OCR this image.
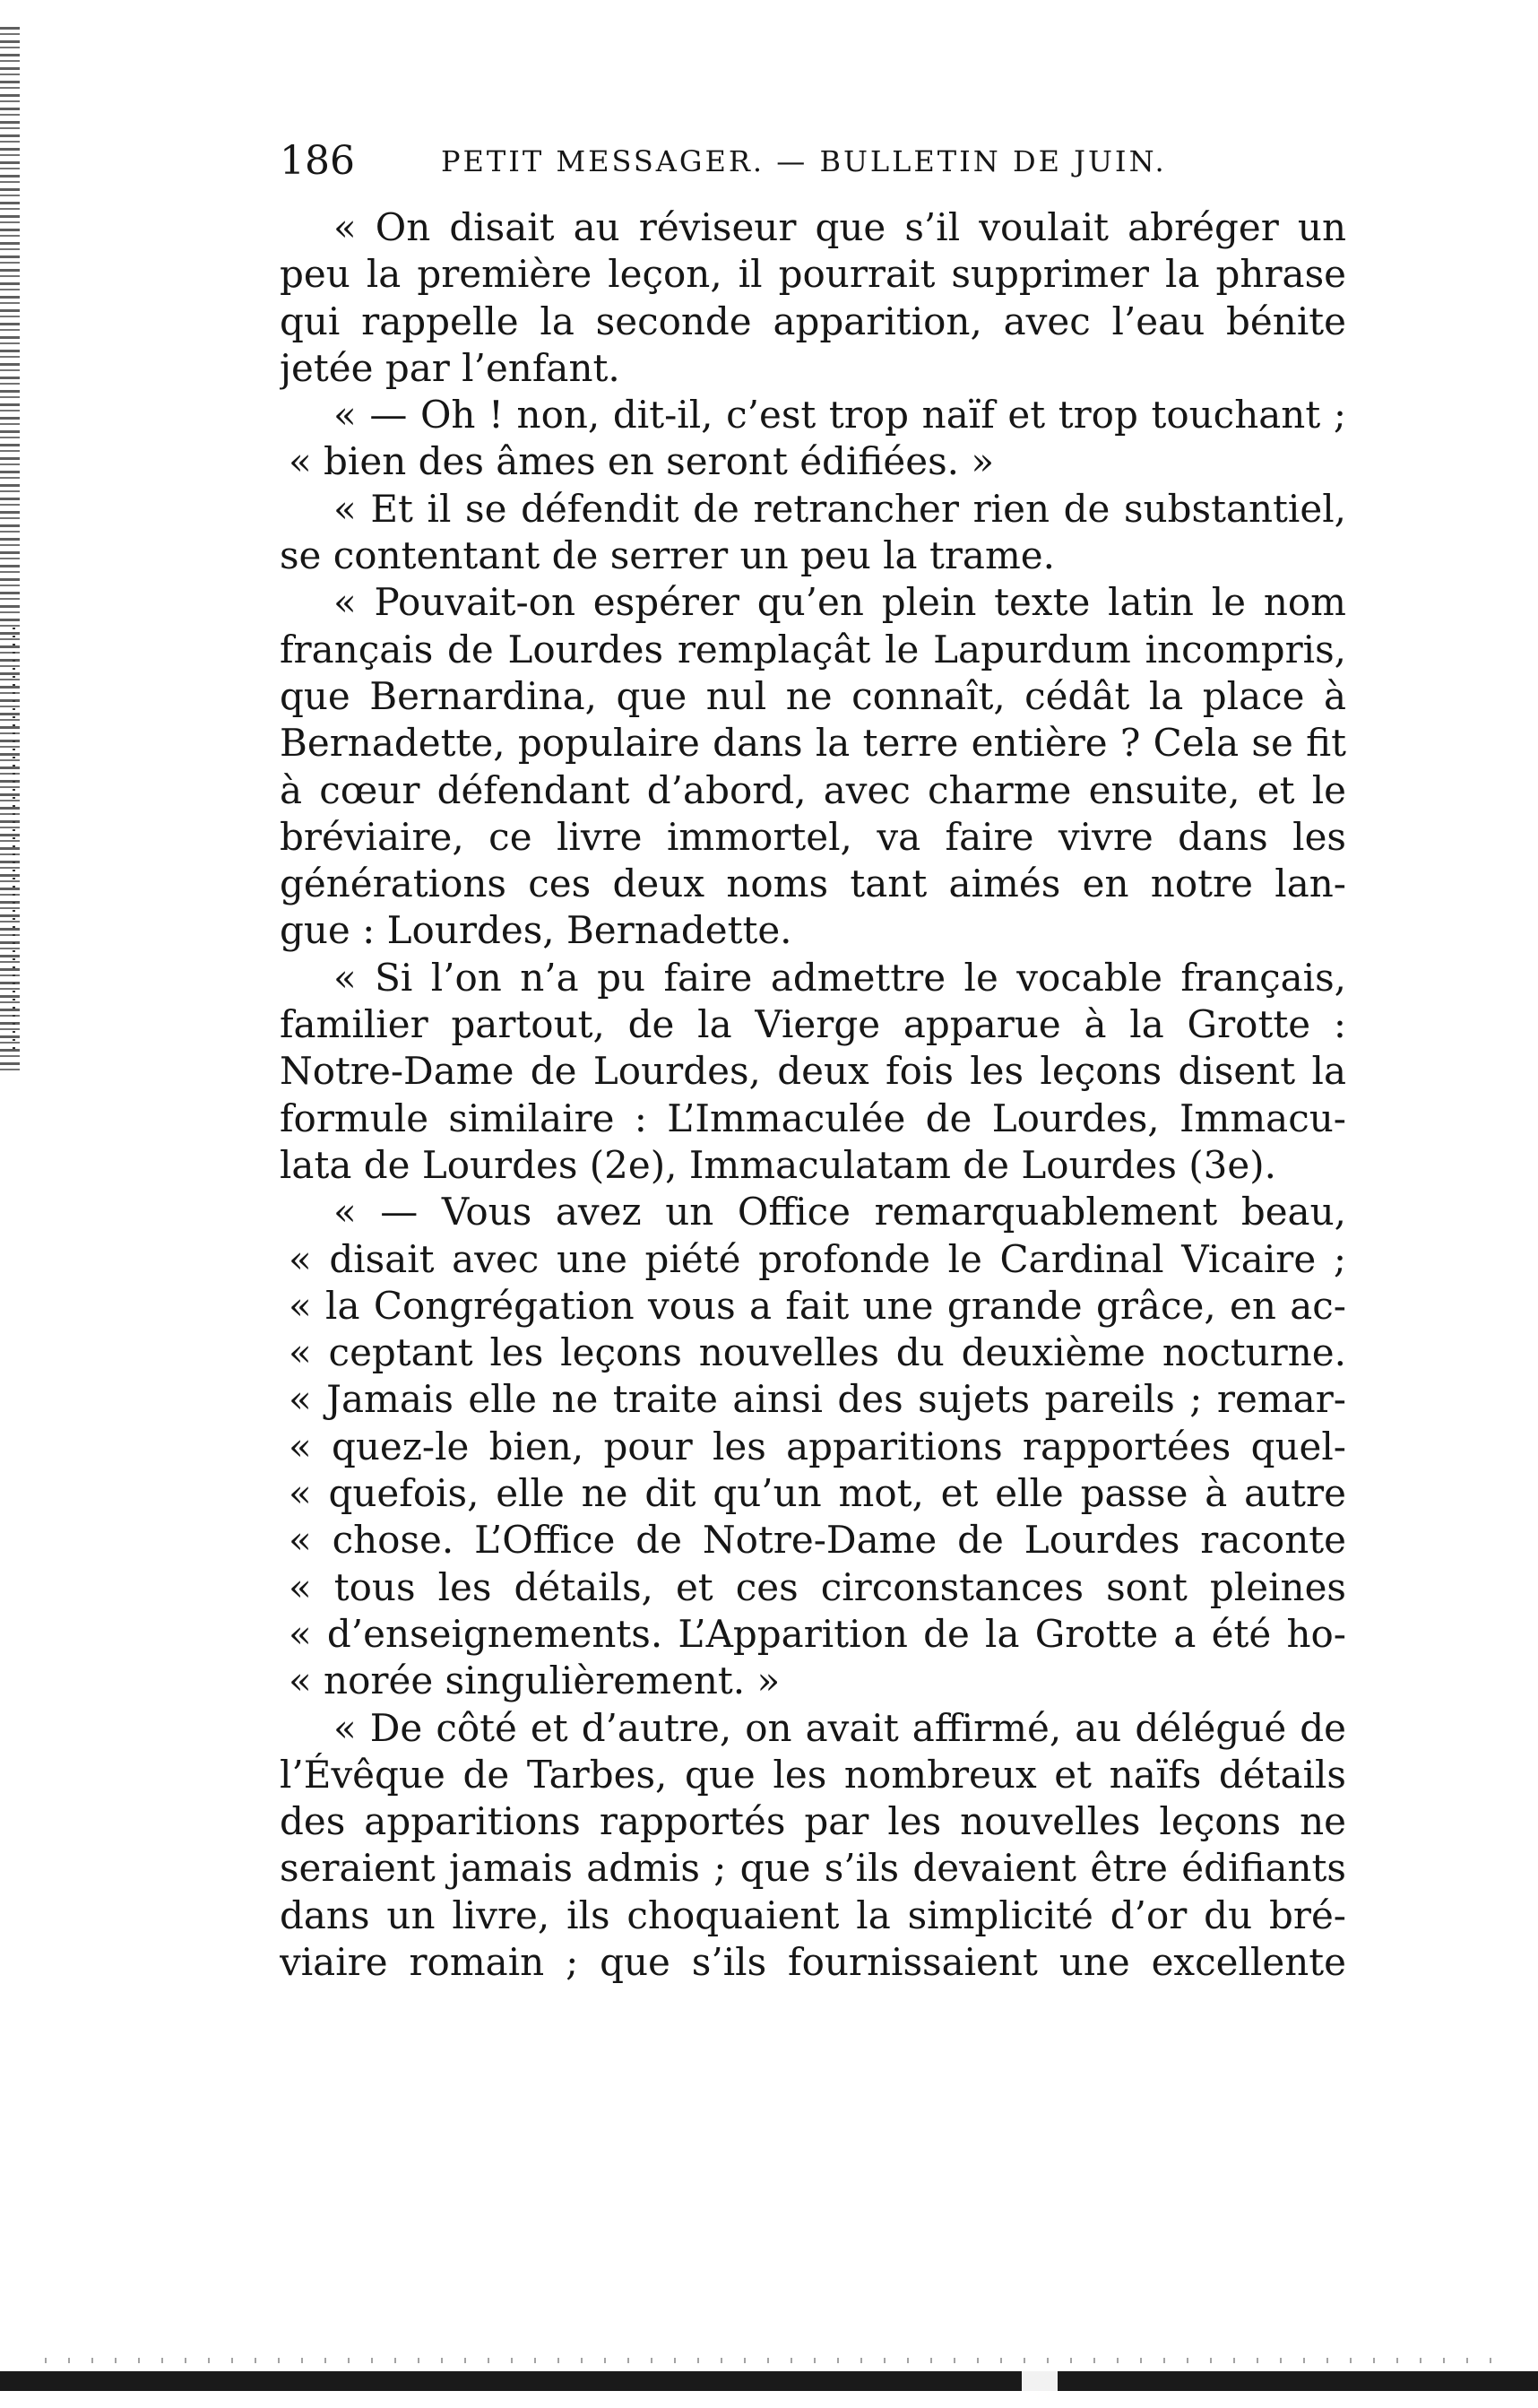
186	PETIT MESSAGER. — BULLETIN DE JUIN.
« On disait au réviseur que s’il voulait abréger un
peu la première leçon, il pourrait supprimer la phrase
qui rappelle la seconde apparition, avec l’eau bénite
jetée par l’enfant.
« — Oh ! non, dit-il, c’est trop naïf et trop touchant ;
« bien des âmes en seront édifiées. »
« Et il se défendit de retrancher rien de substantiel,
se contentant de serrer un peu la trame.
« Pouvait-on espérer qu’en plein texte latin le nom
français de Lourdes remplaçât le Lapurdum incompris,
que Bernardina, que nul ne connaît, cédât la place à
Bernadette, populaire dans la terre entière ? Cela se fit
à cœur défendant d’abord, avec charme ensuite, et le
bréviaire, ce livre immortel, va faire vivre dans les
générations ces deux noms tant aimés en notre lan-
gue : Lourdes, Bernadette.
« Si l’on n’a pu faire admettre le vocable français,
familier partout, de la Vierge apparue à la Grotte :
Notre-Dame de Lourdes, deux fois les leçons disent la
formule similaire : L’Immaculée de Lourdes, Immacu-
lata de Lourdes (2e), Immaculatam de Lourdes (3e).
« — Vous avez un Office remarquablement beau,
« disait avec une piété profonde le Cardinal Vicaire ;
« la Congrégation vous a fait une grande grâce, en ac-
« ceptant les leçons nouvelles du deuxième nocturne.
« Jamais elle ne traite ainsi des sujets pareils ; remar-
« quez-le bien, pour les apparitions rapportées quel-
« quefois, elle ne dit qu’un mot, et elle passe à autre
« chose. L’Office de Notre-Dame de Lourdes raconte
« tous les détails, et ces circonstances sont pleines
« d’enseignements. L’Apparition de la Grotte a été ho-
« norée singulièrement. »
« De côté et d’autre, on avait affirmé, au délégué de
l’Évêque de Tarbes, que les nombreux et naïfs détails
des apparitions rapportés par les nouvelles leçons ne
seraient jamais admis ; que s’ils devaient être édifiants
dans un livre, ils choquaient la simplicité d’or du bré-
viaire romain ; que s’ils fournissaient une excellente
